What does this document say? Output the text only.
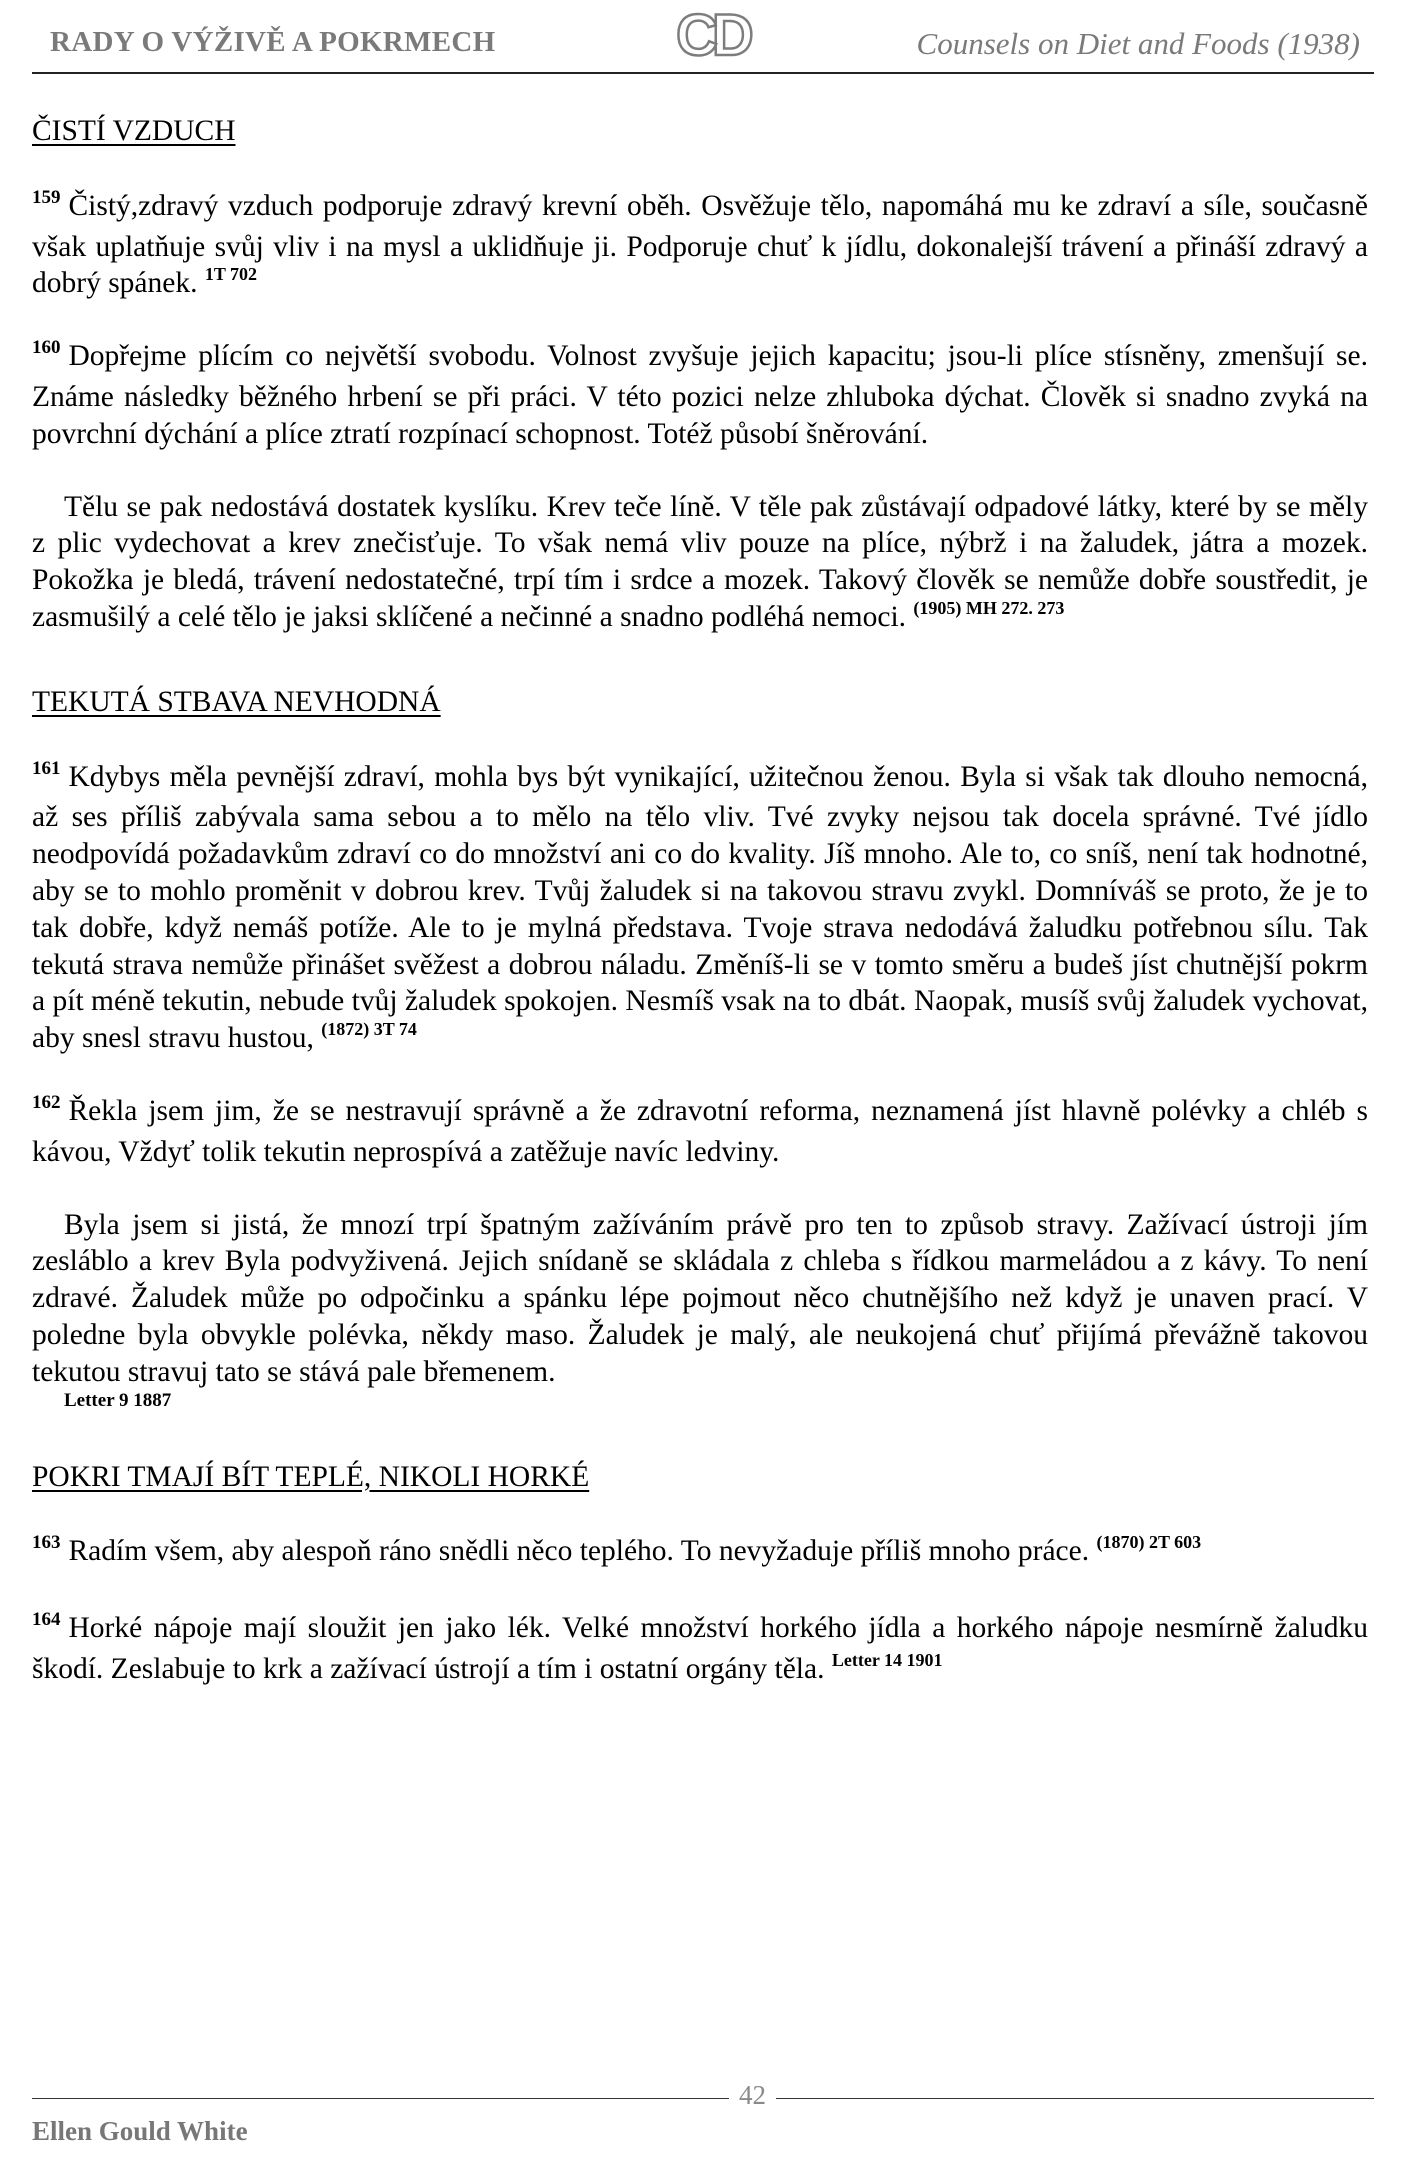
RADY O VÝŽIVĚ A POKRMECH	CD	Counsels on Diet and Foods (1938)
ČISTÍ VZDUCH

$^{159}$ Čistý,zdravý vzduch podporuje zdravý krevní oběh. Osvěžuje tělo, napomáhá mu ke zdraví a síle, současně však uplatňuje svůj vliv i na mysl a uklidňuje ji. Podporuje chuť k jídlu, dokonalejší trávení a přináší zdravý a dobrý spánek. $^{1T 702}$

$^{160}$ Dopřejme plícím co největší svobodu. Volnost zvyšuje jejich kapacitu; jsou-li plíce stísněny, zmenšují se. Známe následky běžného hrbení se při práci. V této pozici nelze zhluboka dýchat. Člověk si snadno zvyká na povrchní dýchání a plíce ztratí rozpínací schopnost. Totéž působí šněrování.

Tělu se pak nedostává dostatek kyslíku. Krev teče líně. V těle pak zůstávají odpadové látky, které by se měly z plic vydechovat a krev znečisťuje. To však nemá vliv pouze na plíce, nýbrž i na žaludek, játra a mozek. Pokožka je bledá, trávení nedostatečné, trpí tím i srdce a mozek. Takový člověk se nemůže dobře soustředit, je zasmušilý a celé tělo je jaksi sklíčené a nečinné a snadno podléhá nemoci. $^{(1905) MH 272. 273}$

TEKUTÁ STBAVA NEVHODNÁ

$^{161}$ Kdybys měla pevnější zdraví, mohla bys být vynikající, užitečnou ženou. Byla si však tak dlouho nemocná, až ses příliš zabývala sama sebou a to mělo na tělo vliv. Tvé zvyky nejsou tak docela správné. Tvé jídlo neodpovídá požadavkům zdraví co do množství ani co do kvality. Jíš mnoho. Ale to, co sníš, není tak hodnotné, aby se to mohlo proměnit v dobrou krev. Tvůj žaludek si na takovou stravu zvykl. Domníváš se proto, že je to tak dobře, když nemáš potíže. Ale to je mylná představa. Tvoje strava nedodává žaludku potřebnou sílu. Tak tekutá strava nemůže přinášet svěžest a dobrou náladu. Změníš-li se v tomto směru a budeš jíst chutnější pokrm a pít méně tekutin, nebude tvůj žaludek spokojen. Nesmíš vsak na to dbát. Naopak, musíš svůj žaludek vychovat, aby snesl stravu hustou, $^{(1872) 3T 74}$

$^{162}$ Řekla jsem jim, že se nestravují správně a že zdravotní reforma, neznamená jíst hlavně polévky a chléb s kávou, Vždyť tolik tekutin neprospívá a zatěžuje navíc ledviny.

Byla jsem si jistá, že mnozí trpí špatným zažíváním právě pro ten to způsob stravy. Zažívací ústroji jím zesláblo a krev Byla podvyživená. Jejich snídaně se skládala z chleba s řídkou marmeládou a z kávy. To není zdravé. Žaludek může po odpočinku a spánku lépe pojmout něco chutnějšího než když je unaven prací. V poledne byla obvykle polévka, někdy maso. Žaludek je malý, ale neukojená chuť přijímá převážně takovou tekutou stravuj tato se stává pale břemenem.
Letter 9 1887

POKRI TMAJÍ BÍT TEPLÉ, NIKOLI HORKÉ

$^{163}$ Radím všem, aby alespoň ráno snědli něco teplého. To nevyžaduje příliš mnoho práce. $^{(1870) 2T 603}$

$^{164}$ Horké nápoje mají sloužit jen jako lék. Velké množství horkého jídla a horkého nápoje nesmírně žaludku škodí. Zeslabuje to krk a zažívací ústrojí a tím i ostatní orgány těla. $^{Letter 14 1901}$

42
Ellen Gould White
